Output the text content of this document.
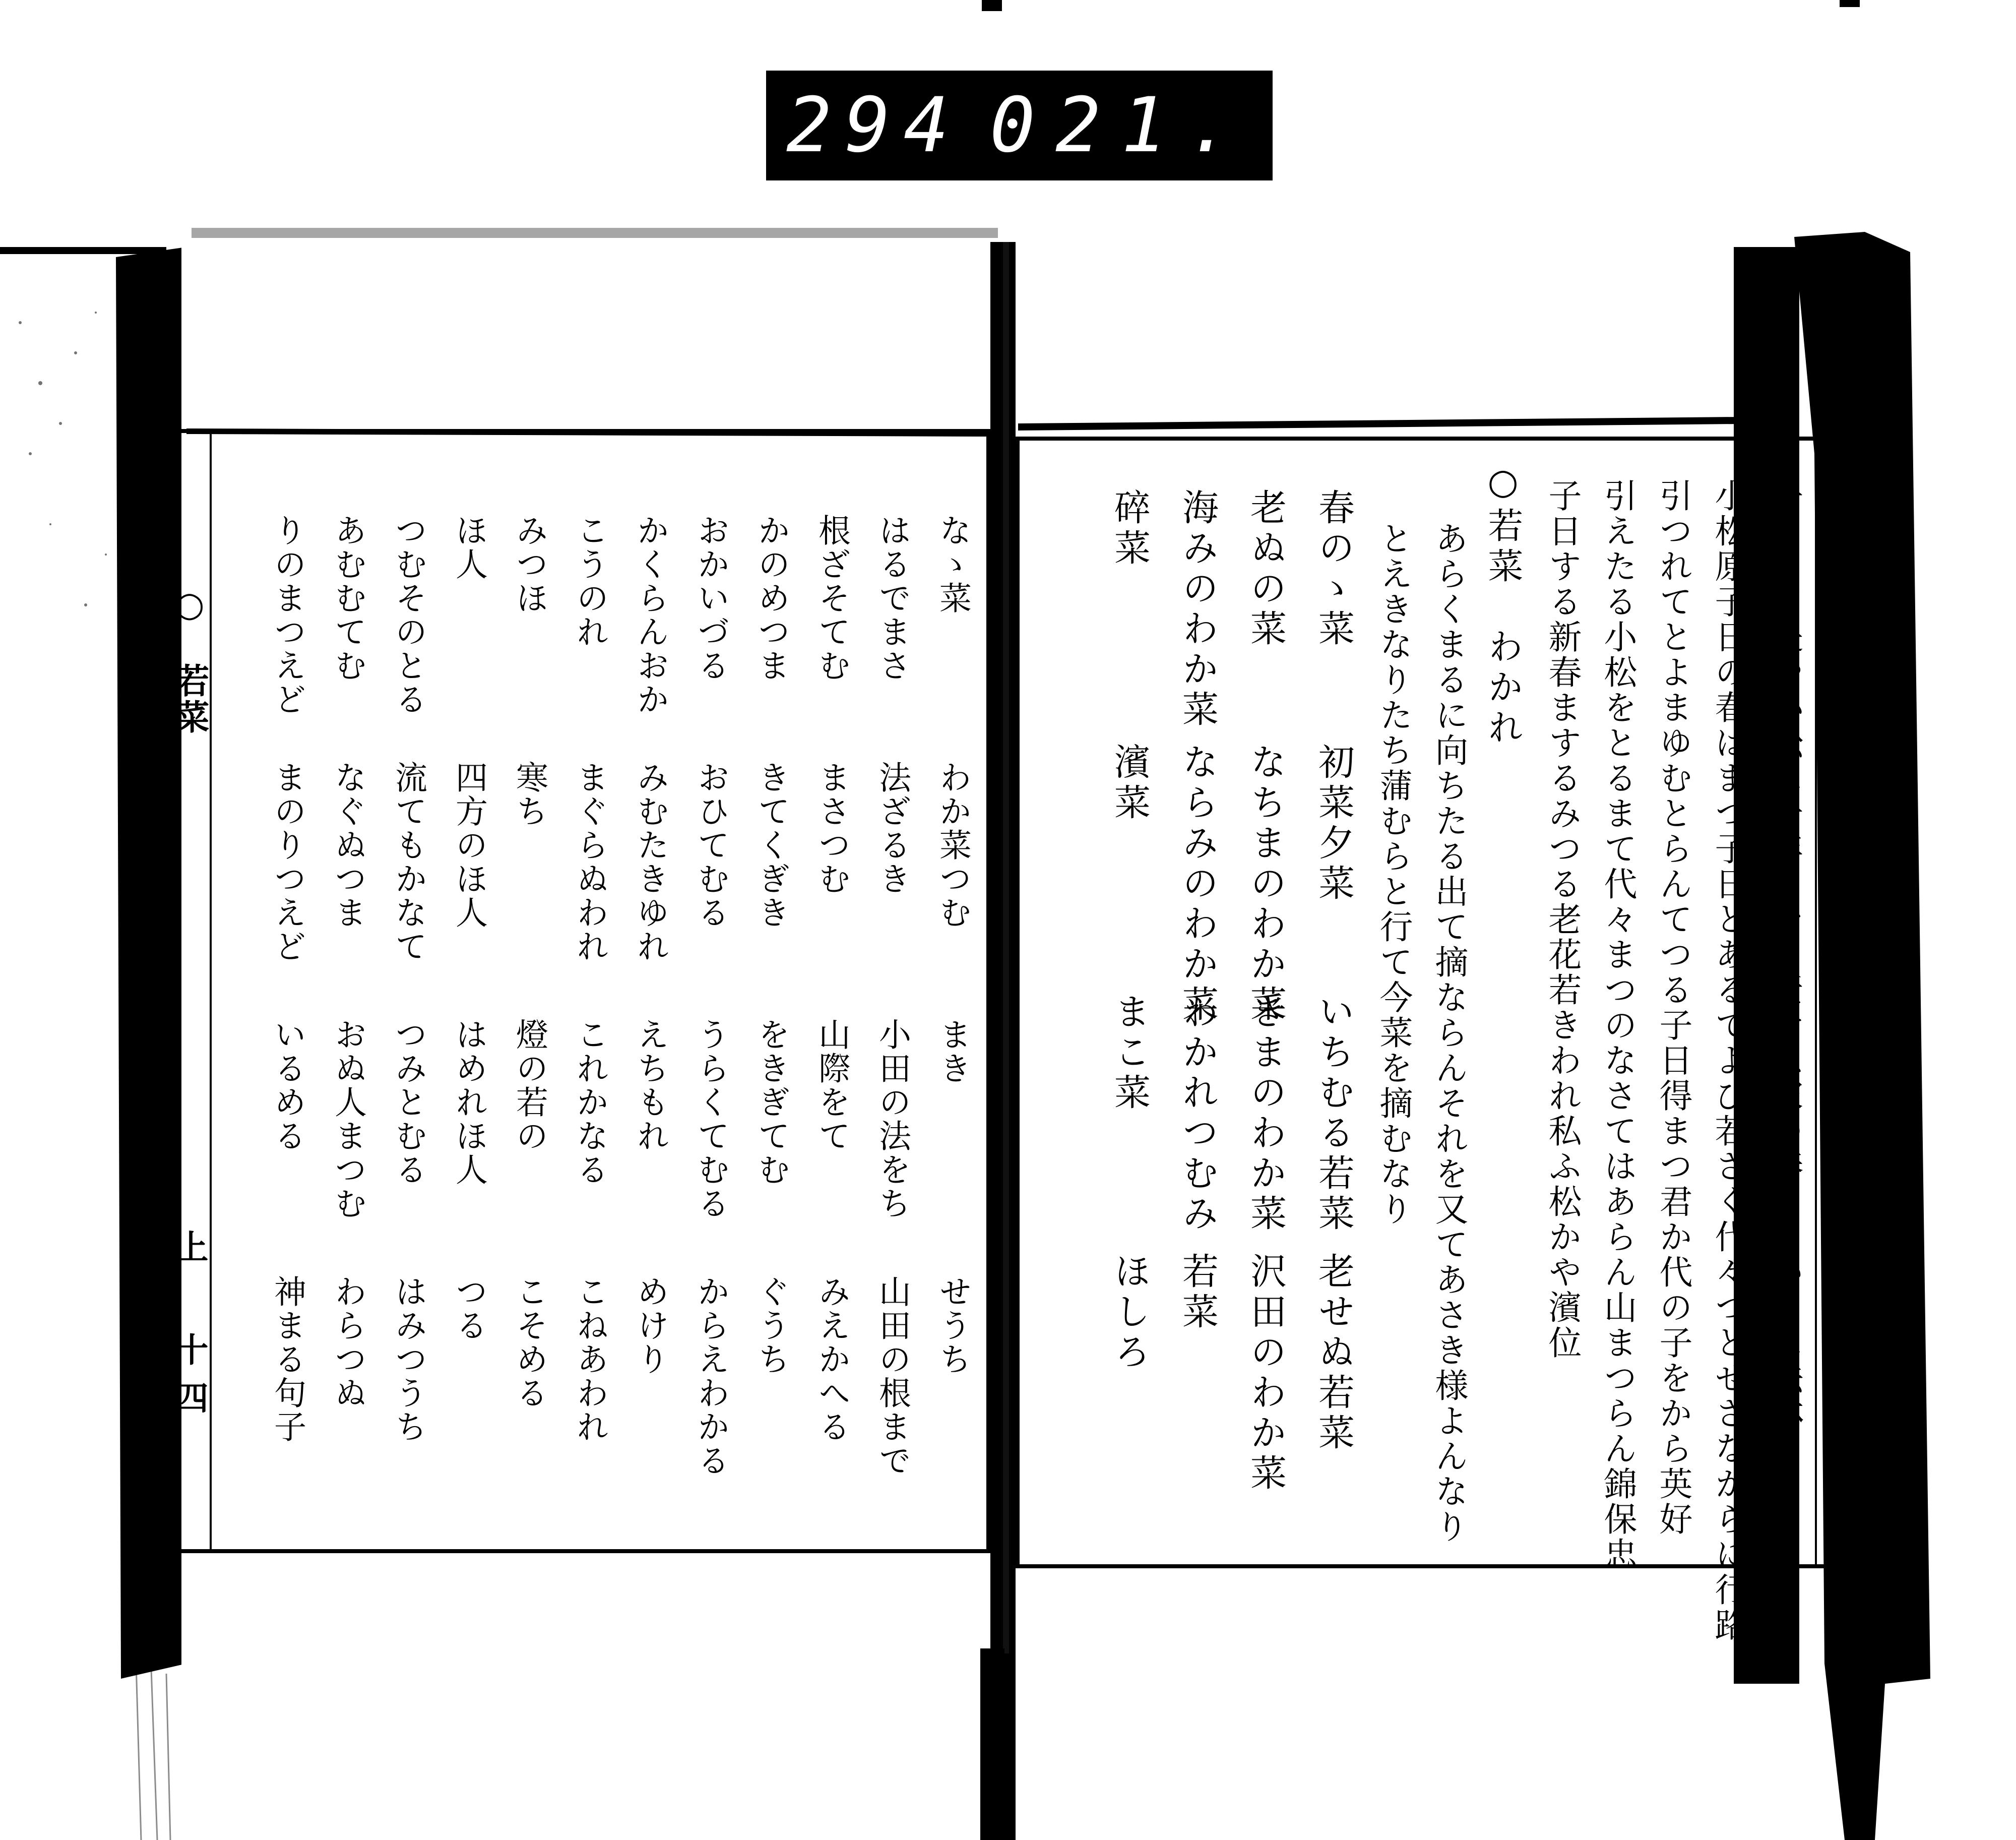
294 021.
子日して是や小松に千年までく老せぬ家の春しなからに法林
小松原子日の春はまつ子日とあるてよび若さく代々つとせさなからに行路
引つれてとよまゆむとらんてつる子日得まつ君か代の子をから英好
引えたる小松をとるまて代々まつのなさてはあらん山まつらん錦保忠
子日する新春まするみつる老花若きわれ私ふ松かや濱位
○若菜　わかれ
あらくまるに向ちたる出て摘ならんそれを又てあさき様よんなり
とえきなりたち蒲むらと行て今菜を摘むなり
春のゝ菜
初菜夕菜
いちむる若菜
老せぬ若菜
老ぬの菜
なちまのわか菜
きまのわか菜
沢田のわか菜
海みのわか菜
ならみのわか菜
わかれつむみ
若菜
碎菜
濱菜
まこ菜
ほしろ
なゝ菜
わか菜つむ
まき
せうち
はるでまさ
法ざるき
小田の法をち
山田の根まで
根ざそてむ
まさつむ
山際をて
みえかへる
かのめつま
きてくぎき
をきぎてむ
ぐうち
おかいづる
おひてむる
うらくてむる
からえわかる
かくらんおか
みむたきゆれ
えちもれ
めけり
こうのれ
まぐらぬわれ
これかなる
こねあわれ
みつほ
寒ち
燈の若の
こそめる
ほ人
四方のほ人
はめれほ人
つる
つむそのとる
流てもかなて
つみとむる
はみつうち
あむむてむ
なぐぬつま
おぬ人まつむ
わらつぬ
りのまつえど
まのりつえど
いるめる
神まる句子
○　若菜
上 十四
